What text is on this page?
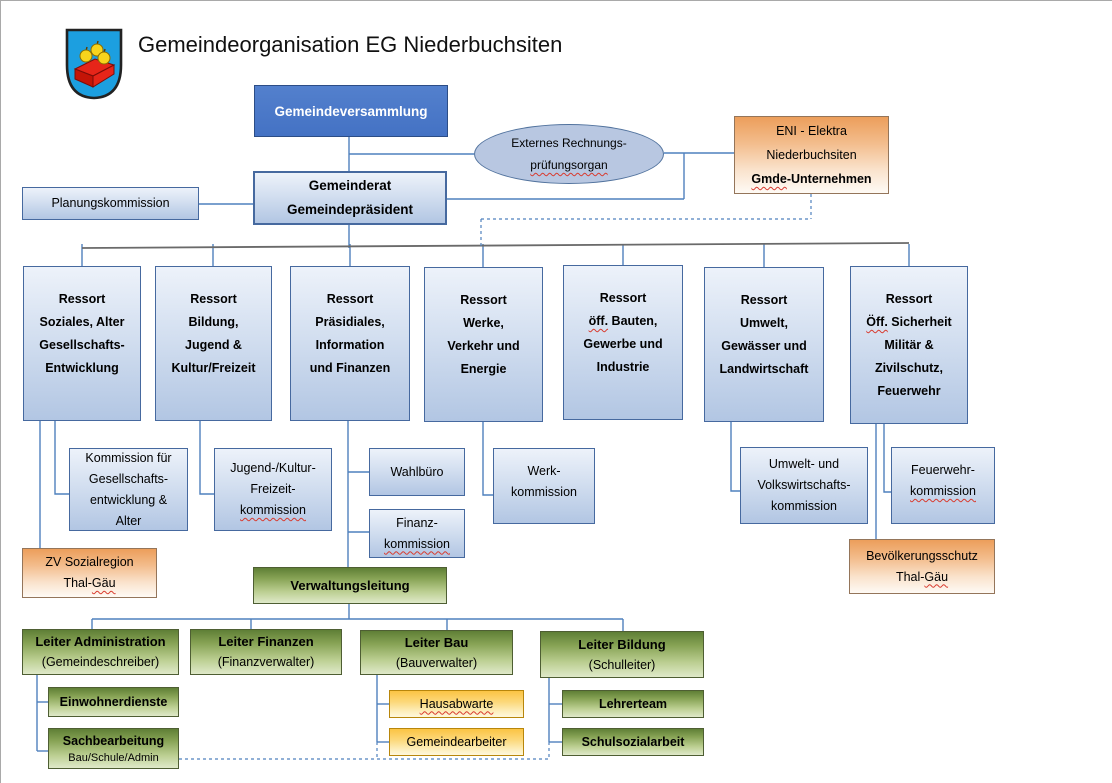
Gemeindeorganisation EG Niederbuchsiten
Gemeindeversammlung
Gemeinderat
Gemeindepräsident
Planungskommission
Externes Rechnungs-
prüfungsorgan
ENI - Elektra
Niederbuchsiten
Gmde-Unternehmen
Ressort
Soziales, Alter
Gesellschafts-
Entwicklung
Ressort
Bildung,
Jugend &
Kultur/Freizeit
Ressort
Präsidiales,
Information
und Finanzen
Ressort
Werke,
Verkehr und
Energie
Ressort
öff. Bauten,
Gewerbe und
Industrie
Ressort
Umwelt,
Gewässer und
Landwirtschaft
Ressort
Öff. Sicherheit
Militär &
Zivilschutz,
Feuerwehr
Kommission für
Gesellschafts-
entwicklung &
Alter
Jugend-/Kultur-
Freizeit-
kommission
Wahlbüro
Finanz-
kommission
Werk-
kommission
Umwelt- und
Volkswirtschafts-
kommission
Feuerwehr-
kommission
ZV Sozialregion
Thal-Gäu
Bevölkerungsschutz
Thal-Gäu
Verwaltungsleitung
Leiter Administration
(Gemeindeschreiber)
Leiter Finanzen
(Finanzverwalter)
Leiter Bau
(Bauverwalter)
Leiter Bildung
(Schulleiter)
Einwohnerdienste
Sachbearbeitung
Bau/Schule/Admin
Hausabwarte
Gemeindearbeiter
Lehrerteam
Schulsozialarbeit
